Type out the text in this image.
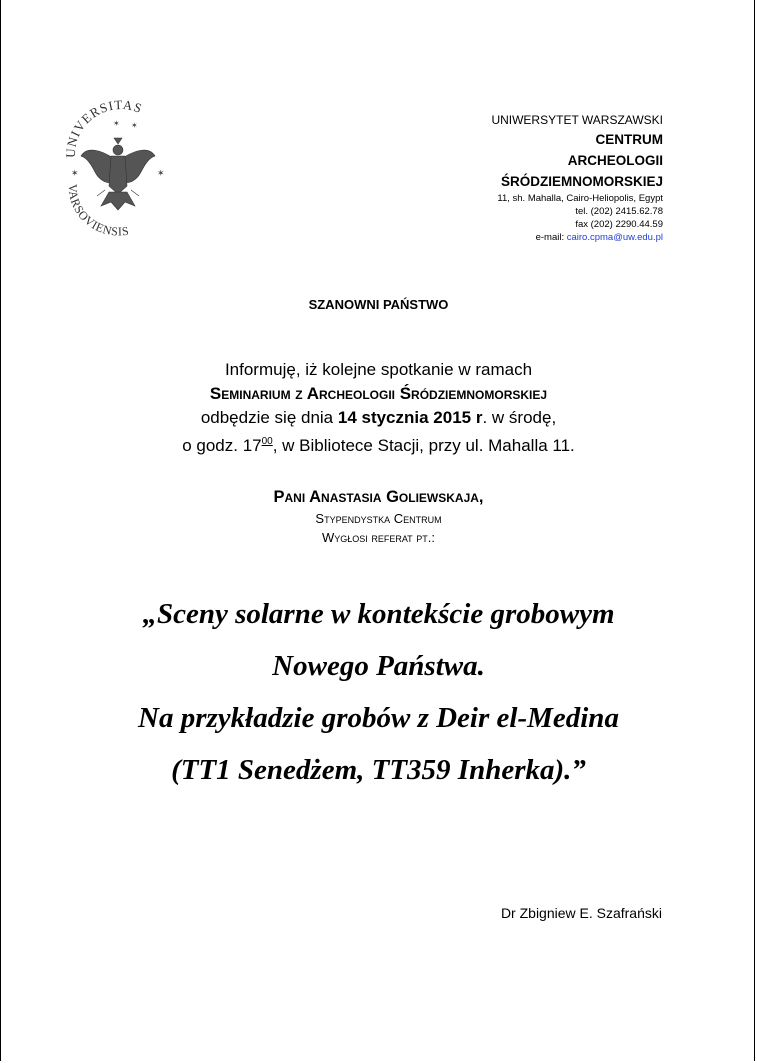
UNIVERSITAS
VARSOVIENSIS
✶	✶
✶ ✶	UNIWERSYTET WARSZAWSKI
CENTRUM
ARCHEOLOGII
ŚRÓDZIEMNOMORSKIEJ
11, sh. Mahalla, Cairo-Heliopolis, Egypt
tel. (202) 2415.62.78
fax (202) 2290.44.59
e-mail: cairo.cpma@uw.edu.pl
SZANOWNI PAŃSTWO
Informuję, iż kolejne spotkanie w ramach
Seminarium z Archeologii Śródziemnomorskiej
odbędzie się dnia 14 stycznia 2015 r. w środę,
o godz. $17^{00}$, w Bibliotece Stacji, przy ul. Mahalla 11.
Pani Anastasia Goliewskaja,
Stypendystka Centrum
Wygłosi referat pt.:
„Sceny solarne w kontekście grobowym
Nowego Państwa.
Na przykładzie grobów z Deir el-Medina
(TT1 Senedżem, TT359 Inherka).”
Dr Zbigniew E. Szafrański
